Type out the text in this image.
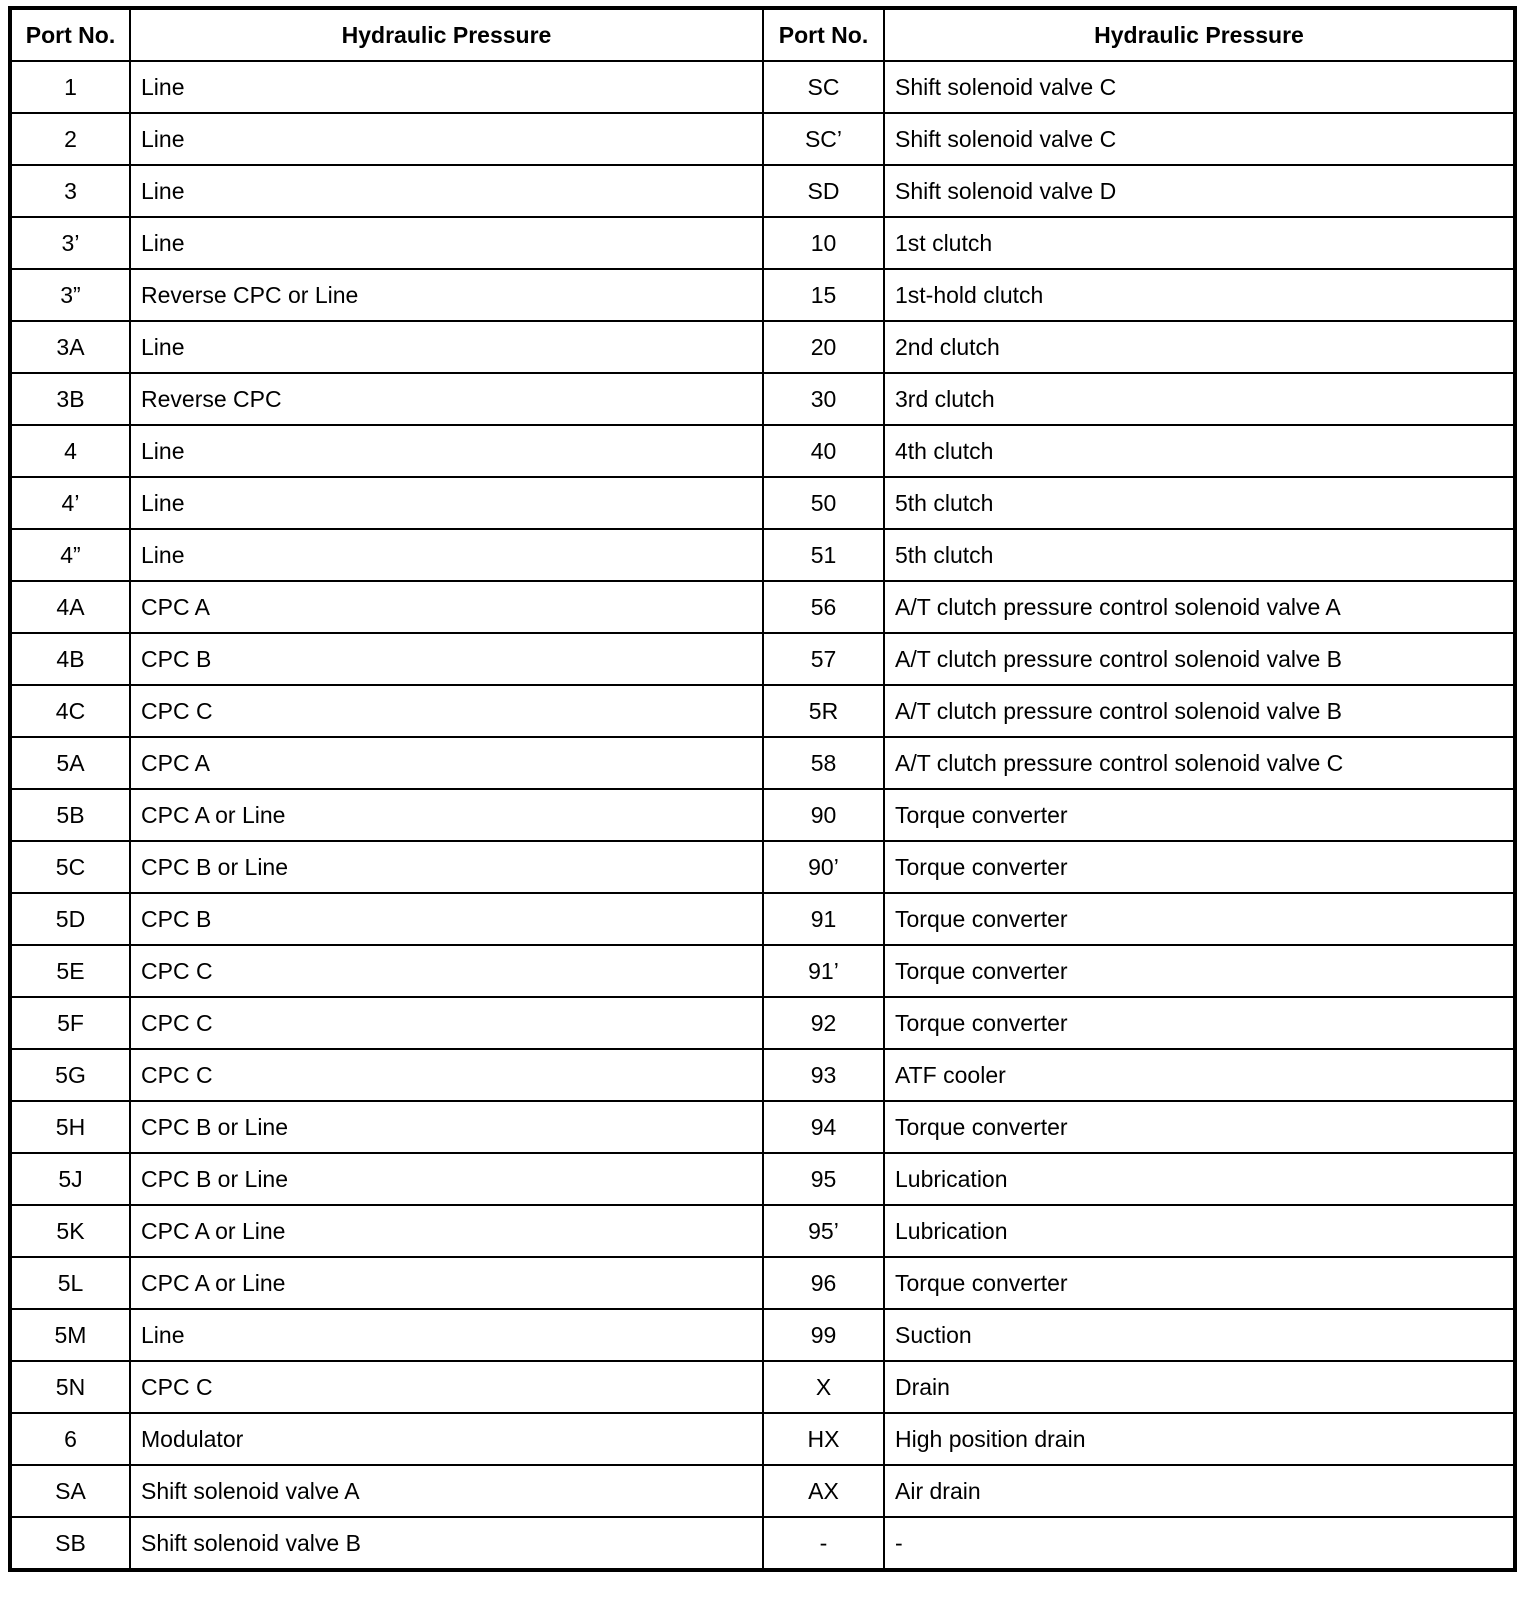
Port No.	Hydraulic Pressure	Port No.	Hydraulic Pressure
1	Line	SC	Shift solenoid valve C
2	Line	SC’	Shift solenoid valve C
3	Line	SD	Shift solenoid valve D
3’	Line	10	1st clutch
3”	Reverse CPC or Line	15	1st-hold clutch
3A	Line	20	2nd clutch
3B	Reverse CPC	30	3rd clutch
4	Line	40	4th clutch
4’	Line	50	5th clutch
4”	Line	51	5th clutch
4A	CPC A	56	A/T clutch pressure control solenoid valve A
4B	CPC B	57	A/T clutch pressure control solenoid valve B
4C	CPC C	5R	A/T clutch pressure control solenoid valve B
5A	CPC A	58	A/T clutch pressure control solenoid valve C
5B	CPC A or Line	90	Torque converter
5C	CPC B or Line	90’	Torque converter
5D	CPC B	91	Torque converter
5E	CPC C	91’	Torque converter
5F	CPC C	92	Torque converter
5G	CPC C	93	ATF cooler
5H	CPC B or Line	94	Torque converter
5J	CPC B or Line	95	Lubrication
5K	CPC A or Line	95’	Lubrication
5L	CPC A or Line	96	Torque converter
5M	Line	99	Suction
5N	CPC C	X	Drain
6	Modulator	HX	High position drain
SA	Shift solenoid valve A	AX	Air drain
SB	Shift solenoid valve B	-	-
